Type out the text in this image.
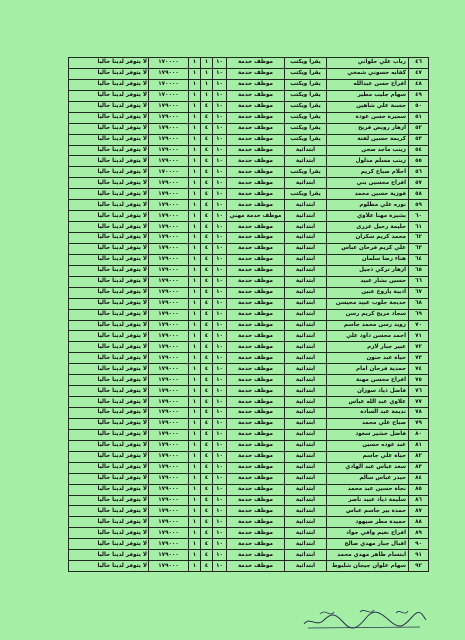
٤٦	رباب علي حلواني	يقرا ويكتب	موظف خدمة	١٠	١	١	١٧٠٠٠٠	لا يتوفر لدينا حاليا
٤٧	كفايه حسوني شمخي	يقرا ويكتب	موظف خدمة	١٠	١	١	١٧٩٠٠٠	لا يتوفر لدينا حاليا
٤٨	افراح حسن عبدالله	يقرا ويكتب	موظف خدمة	١٠	١	١	١٧٠٠٠٠	لا يتوفر لدينا حاليا
٤٩	سهام جليب مطير	يقرا ويكتب	موظف خدمة	١٠	١	١	١٧٠٠٠٠	لا يتوفر لدينا حاليا
٥٠	حسنة علي شاهين	يقرا ويكتب	موظف خدمة	١٠	٤	١	١٧٩٠٠٠	لا يتوفر لدينا حاليا
٥١	سميرة حسن عودة	يقرا ويكتب	موظف خدمة	١٠	٤	١	١٧٩٠٠٠	لا يتوفر لدينا حاليا
٥٢	ازهار رويض فريح	يقرا ويكتب	موظف خدمة	١٠	٤	١	١٧٩٠٠٠	لا يتوفر لدينا حاليا
٥٣	كريمة حسين لفتة	يقرا ويكتب	موظف خدمة	١٠	٤	١	١٧٩٠٠٠	لا يتوفر لدينا حاليا
٥٤	زينب ماجد صحن	ابتدائية	موظف خدمة	١٠	٤	١	١٧٩٠٠٠	لا يتوفر لدينا حاليا
٥٥	زينب مسلم مدلول	ابتدائية	موظف خدمة	١٠	٤	١	١٧٩٠٠٠	لا يتوفر لدينا حاليا
٥٦	احلام صباح كريم	يقرا ويكتب	موظف خدمة	١٠	٤	١	١٧٠٠٠٠	لا يتوفر لدينا حاليا
٥٧	افراح محسين بني	ابتدائية	موظف خدمة	١٠	٤	١	١٧٩٠٠٠	لا يتوفر لدينا حاليا
٥٨	فوزية حسين محمد	يقرا ويكتب	موظف خدمة	١٠	٤	١	١٧٩٠٠٠	لا يتوفر لدينا حاليا
٥٩	نوره علي مظلوم	ابتدائية	موظف خدمة	١٠	٤	١	١٧٩٠٠٠	لا يتوفر لدينا حاليا
٦٠	بشيرة مهنا علاوي	ابتدائية	موظف خدمة مهني	١٠	٤	١	١٧٩٠٠٠	لا يتوفر لدينا حاليا
٦١	حليمة رحيل عزرى	ابتدائية	موظف خدمة	١٠	٤	١	١٧٩٠٠٠	لا يتوفر لدينا حاليا
٦٢	محمد كريم سكران	ابتدائية	موظف خدمة	١٠	٤	١	١٧٩٠٠٠	لا يتوفر لدينا حاليا
٦٣	علي كريم فرحان عباس	ابتدائية	موظف خدمة	١٠	٤	١	١٧٩٠٠٠	لا يتوفر لدينا حاليا
٦٤	هناء رضا سلمان	ابتدائية	موظف خدمة	١٠	٤	١	١٧٩٠٠٠	لا يتوفر لدينا حاليا
٦٥	ازهار تركي ذجيل	ابتدائية	موظف خدمة	١٠	٤	١	١٧٩٠٠٠	لا يتوفر لدينا حاليا
٦٦	حسين بشار عبيد	ابتدائية	موظف خدمة	١٠	٤	١	١٧٩٠٠٠	لا يتوفر لدينا حاليا
٦٧	اديبة ياروخ عنين	ابتدائية	موظف خدمة	١٠	٤	١	١٧٩٠٠٠	لا يتوفر لدينا حاليا
٦٨	خديجة جلوب عبيد محيسن	ابتدائية	موظف خدمة	١٠	٤	١	١٧٩٠٠٠	لا يتوفر لدينا حاليا
٦٩	سجاد مريح كريم رسن	ابتدائية	موظف خدمة	١٠	٤	١	١٧٩٠٠٠	لا يتوفر لدينا حاليا
٧٠	زويد رسن محمد جاسم	ابتدائية	موظف خدمة	١٠	٤	١	١٧٩٠٠٠	لا يتوفر لدينا حاليا
٧١	احمد محسن داود علي	ابتدائية	موظف خدمة	١٠	٤	١	١٧٩٠٠٠	لا يتوفر لدينا حاليا
٧٢	عبير جبار لازم	ابتدائية	موظف خدمة	١٠	٤	١	١٧٩٠٠٠	لا يتوفر لدينا حاليا
٧٣	حياة عبد حنون	ابتدائية	موظف خدمة	١٠	٤	١	١٧٩٠٠٠	لا يتوفر لدينا حاليا
٧٤	حمدية فرحان امام	ابتدائية	موظف خدمة	١٠	٤	١	١٧٩٠٠٠	لا يتوفر لدينا حاليا
٧٥	افراح محسن مهنة	ابتدائية	موظف خدمة	١٠	٤	١	١٧٩٠٠٠	لا يتوفر لدينا حاليا
٧٦	فاضل ذياد سوزان	ابتدائية	موظف خدمة	١٠	٤	١	١٧٩٠٠٠	لا يتوفر لدينا حاليا
٧٧	علاوي عبد الله عباس	ابتدائية	موظف خدمة	١٠	٤	١	١٧٩٠٠٠	لا يتوفر لدينا حاليا
٧٨	نديمة عبد السادة	ابتدائية	موظف خدمة	١٠	٤	١	١٧٩٠٠٠	لا يتوفر لدينا حاليا
٧٩	صباح علي محمد	ابتدائية	موظف خدمة	١٠	٤	١	١٧٩٠٠٠	لا يتوفر لدينا حاليا
٨٠	فاضل خشير سعود	ابتدائية	موظف خدمة	١٠	٤	١	١٧٩٠٠٠	لا يتوفر لدينا حاليا
٨١	عبد عوده حسين	ابتدائية	موظف خدمة	١٠	٤	١	١٧٩٠٠٠	لا يتوفر لدينا حاليا
٨٢	حياة علي جاسم	ابتدائية	موظف خدمة	١٠	٤	١	١٧٩٠٠٠	لا يتوفر لدينا حاليا
٨٣	سعد عباس عبد الهادي	ابتدائية	موظف خدمة	١٠	٤	١	١٧٩٠٠٠	لا يتوفر لدينا حاليا
٨٤	حيدر عباس سالم	ابتدائية	موظف خدمة	١٠	٤	١	١٧٩٠٠٠	لا يتوفر لدينا حاليا
٨٥	نجاة حسين عبد محمد	ابتدائية	موظف خدمة	١٠	٤	١	١٧٩٠٠٠	لا يتوفر لدينا حاليا
٨٦	سليمة ذياد عبيد ناصر	ابتدائية	موظف خدمة	١٠	٤	١	١٧٩٠٠٠	لا يتوفر لدينا حاليا
٨٧	حمدة بير جاسم عباس	ابتدائية	موظف خدمة	١٠	٤	١	١٧٩٠٠٠	لا يتوفر لدينا حاليا
٨٨	حميدة مطر صيهود	ابتدائية	موظف خدمة	١٠	٤	١	١٧٩٠٠٠	لا يتوفر لدينا حاليا
٨٩	افراح نعيم وافي جواد	ابتدائية	موظف خدمة	١٠	٤	١	١٧٩٠٠٠	لا يتوفر لدينا حاليا
٩٠	اقبال جبار مهدي صالح	ابتدائية	موظف خدمة	١٠	٤	١	١٧٩٠٠٠	لا يتوفر لدينا حاليا
٩١	ابتسام طاهر مهدي محمد	ابتدائية	موظف خدمة	١٠	٤	١	١٧٩٠٠٠	لا يتوفر لدينا حاليا
٩٢	سهام علوان جيجان شلبوط	ابتدائية	موظف خدمة	١٠	٤	١	١٧٩٠٠٠	لا يتوفر لدينا حاليا
